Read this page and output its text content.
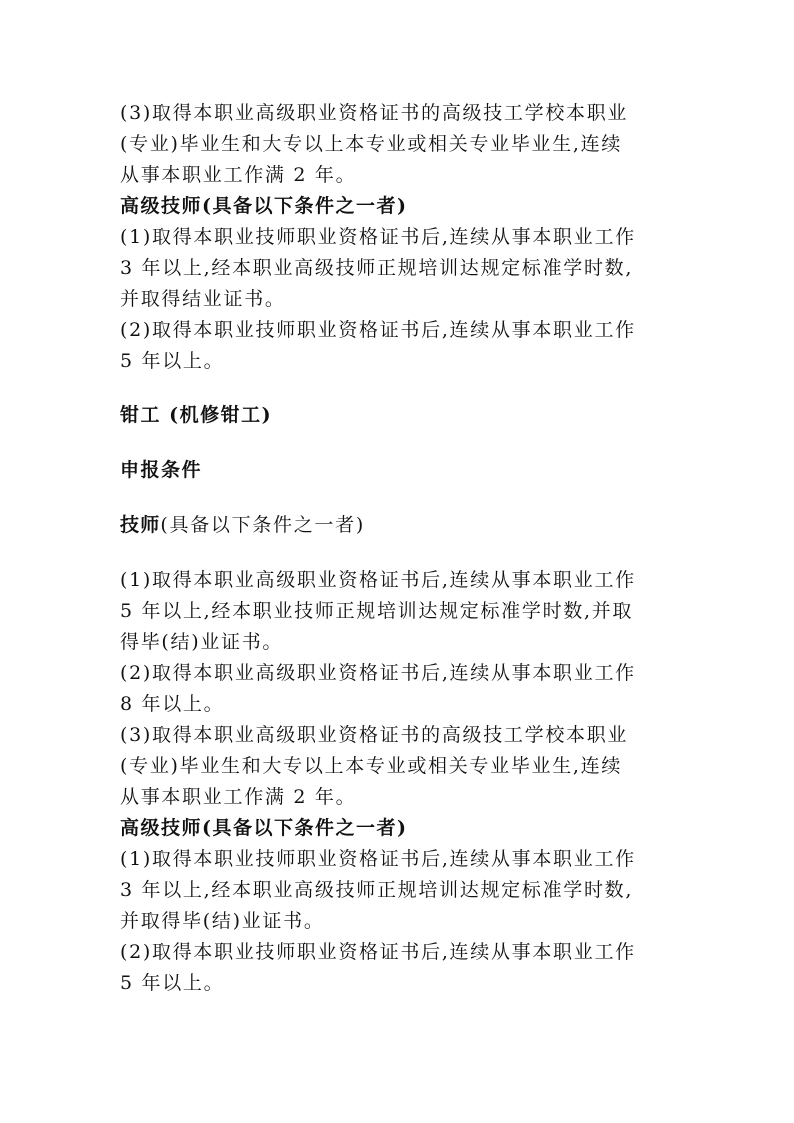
(3)取得本职业高级职业资格证书的高级技工学校本职业
(专业)毕业生和大专以上本专业或相关专业毕业生,连续
从事本职业工作满 2 年。
高级技师(具备以下条件之一者)
(1)取得本职业技师职业资格证书后,连续从事本职业工作
3 年以上,经本职业高级技师正规培训达规定标准学时数,
并取得结业证书。
(2)取得本职业技师职业资格证书后,连续从事本职业工作
5 年以上。
钳工 (机修钳工)
申报条件
技师(具备以下条件之一者)
(1)取得本职业高级职业资格证书后,连续从事本职业工作
5 年以上,经本职业技师正规培训达规定标准学时数,并取
得毕(结)业证书。
(2)取得本职业高级职业资格证书后,连续从事本职业工作
8 年以上。
(3)取得本职业高级职业资格证书的高级技工学校本职业
(专业)毕业生和大专以上本专业或相关专业毕业生,连续
从事本职业工作满 2 年。
高级技师(具备以下条件之一者)
(1)取得本职业技师职业资格证书后,连续从事本职业工作
3 年以上,经本职业高级技师正规培训达规定标准学时数,
并取得毕(结)业证书。
(2)取得本职业技师职业资格证书后,连续从事本职业工作
5 年以上。
